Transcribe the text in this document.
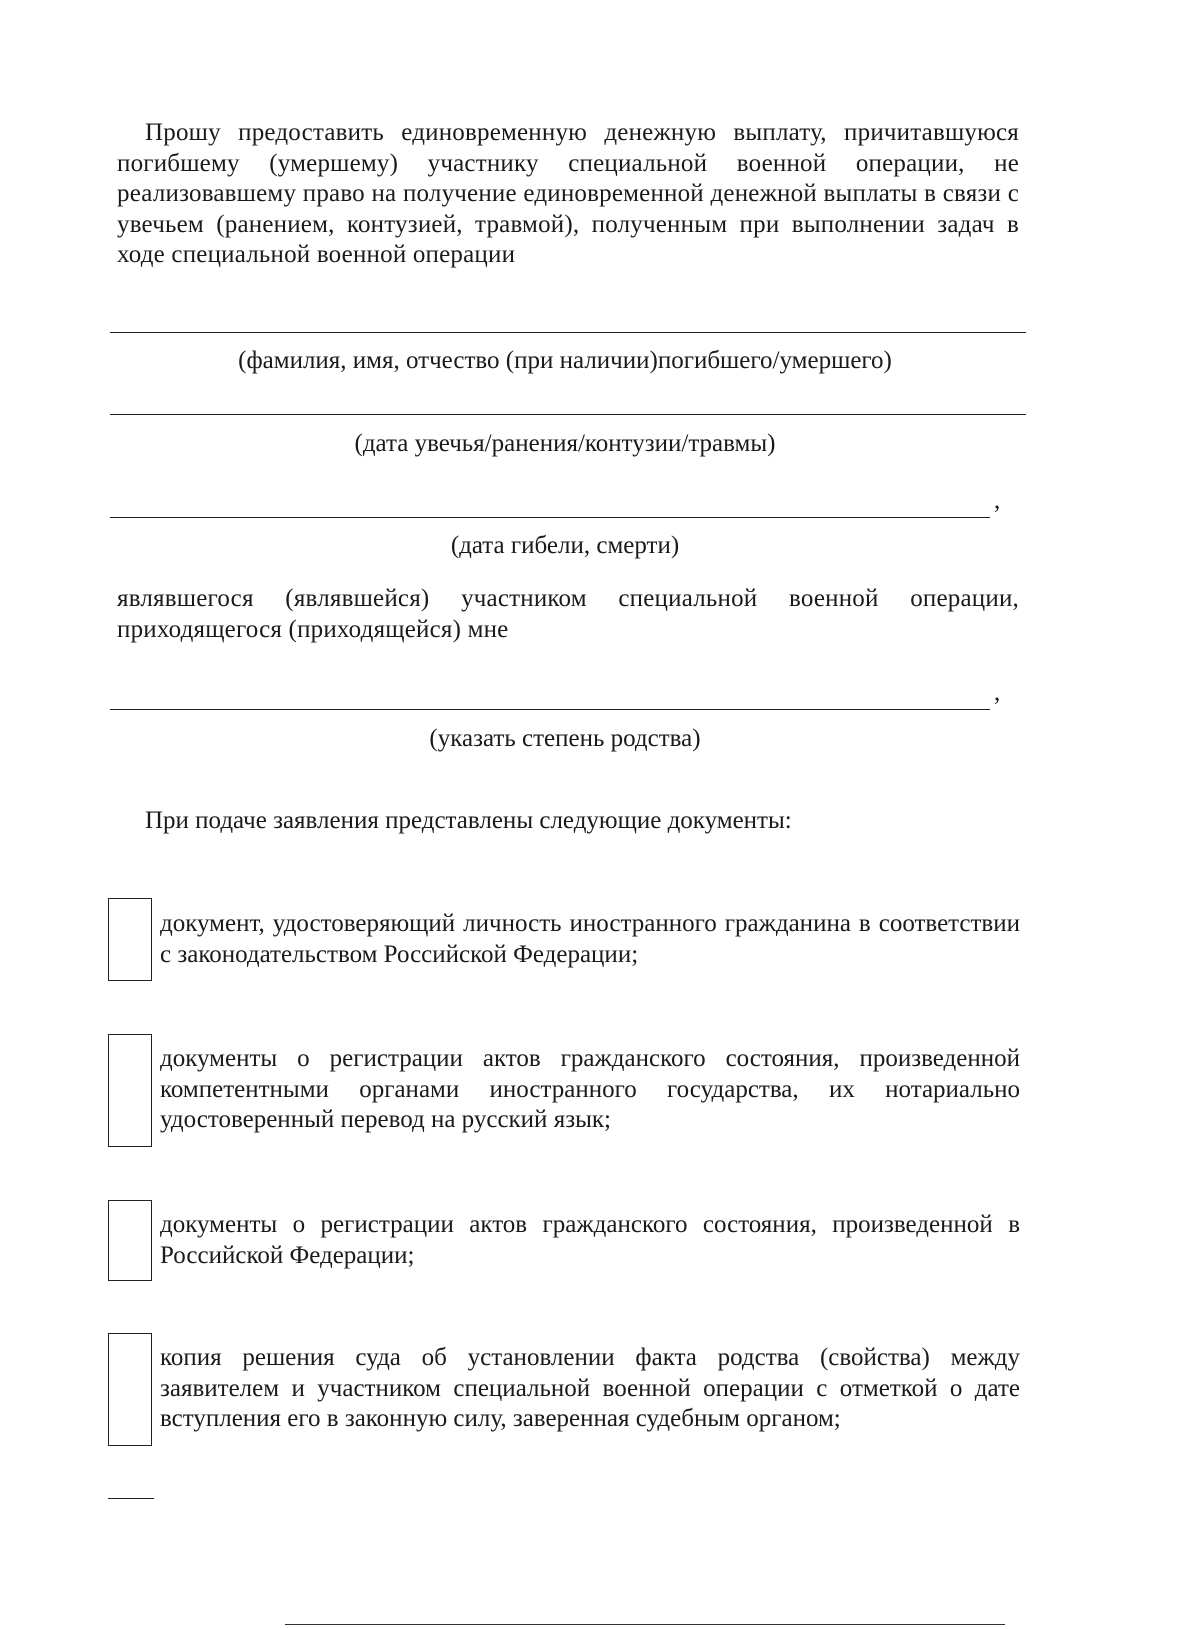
Прошу предоставить единовременную денежную выплату, причитавшуюся погибшему (умершему) участнику специальной военной операции, не реализовавшему право на получение единовременной денежной выплаты в связи с увечьем (ранением, контузией, травмой), полученным при выполнении задач в ходе специальной военной операции

(фамилия, имя, отчество (при наличии)погибшего/умершего)
(дата увечья/ранения/контузии/травмы)
,
(дата гибели, смерти)

являвшегося (являвшейся) участником специальной военной операции, приходящегося (приходящейся) мне

,
(указать степень родства)
При подаче заявления представлены следующие документы:

документ, удостоверяющий личность иностранного гражданина в соответствии с законодательством Российской Федерации;

документы о регистрации актов гражданского состояния, произведенной компетентными органами иностранного государства, их нотариально удостоверенный перевод на русский язык;

документы о регистрации актов гражданского состояния, произведенной в Российской Федерации;

копия решения суда об установлении факта родства (свойства) между заявителем и участником специальной военной операции с отметкой о дате вступления его в законную силу, заверенная судебным органом;
